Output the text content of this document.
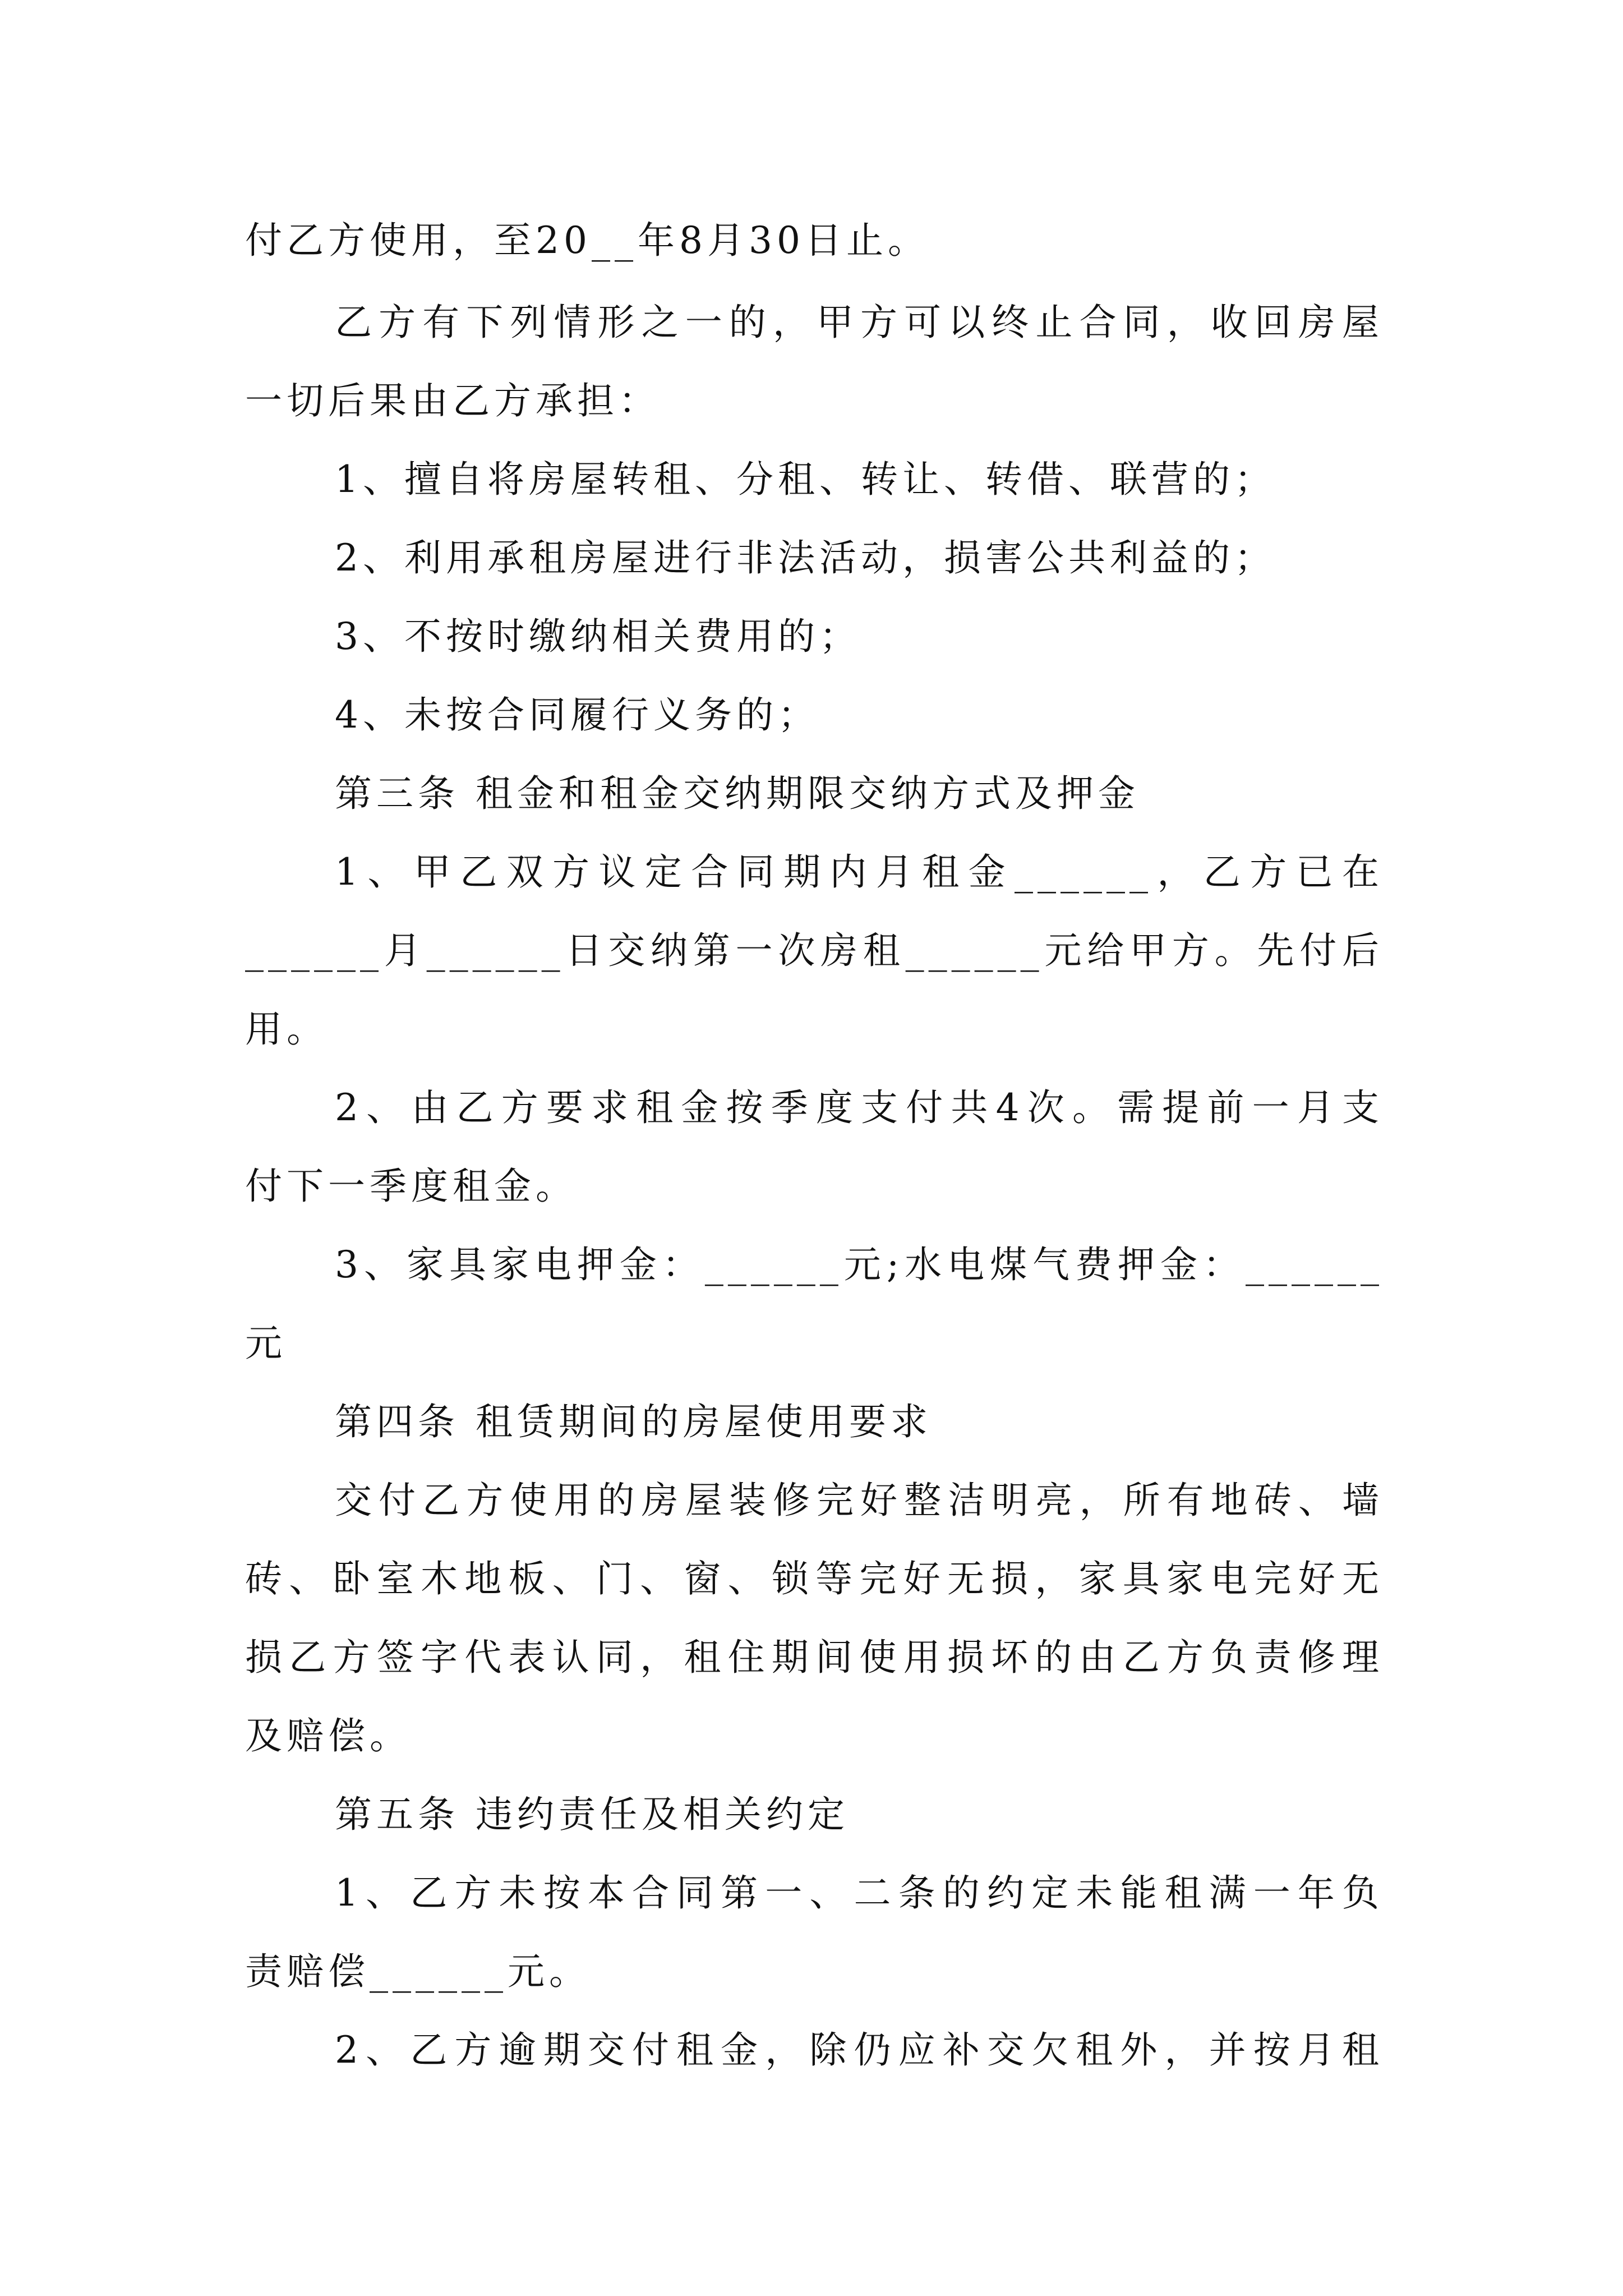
付乙方使用，至20__年8月30日止。
乙方有下列情形之一的，甲方可以终止合同，收回房屋
一切后果由乙方承担：
1、擅自将房屋转租、分租、转让、转借、联营的；
2、利用承租房屋进行非法活动，损害公共利益的；
3、不按时缴纳相关费用的；
4、未按合同履行义务的；
第三条 租金和租金交纳期限交纳方式及押金
1、甲乙双方议定合同期内月租金______，乙方已在
______月______日交纳第一次房租______元给甲方。先付后
用。
2、由乙方要求租金按季度支付共4次。需提前一月支
付下一季度租金。
3、家具家电押金：______元;水电煤气费押金：______
元
第四条 租赁期间的房屋使用要求
交付乙方使用的房屋装修完好整洁明亮，所有地砖、墙
砖、卧室木地板、门、窗、锁等完好无损，家具家电完好无
损乙方签字代表认同，租住期间使用损坏的由乙方负责修理
及赔偿。
第五条 违约责任及相关约定
1、乙方未按本合同第一、二条的约定未能租满一年负
责赔偿______元。
2、乙方逾期交付租金，除仍应补交欠租外，并按月租
